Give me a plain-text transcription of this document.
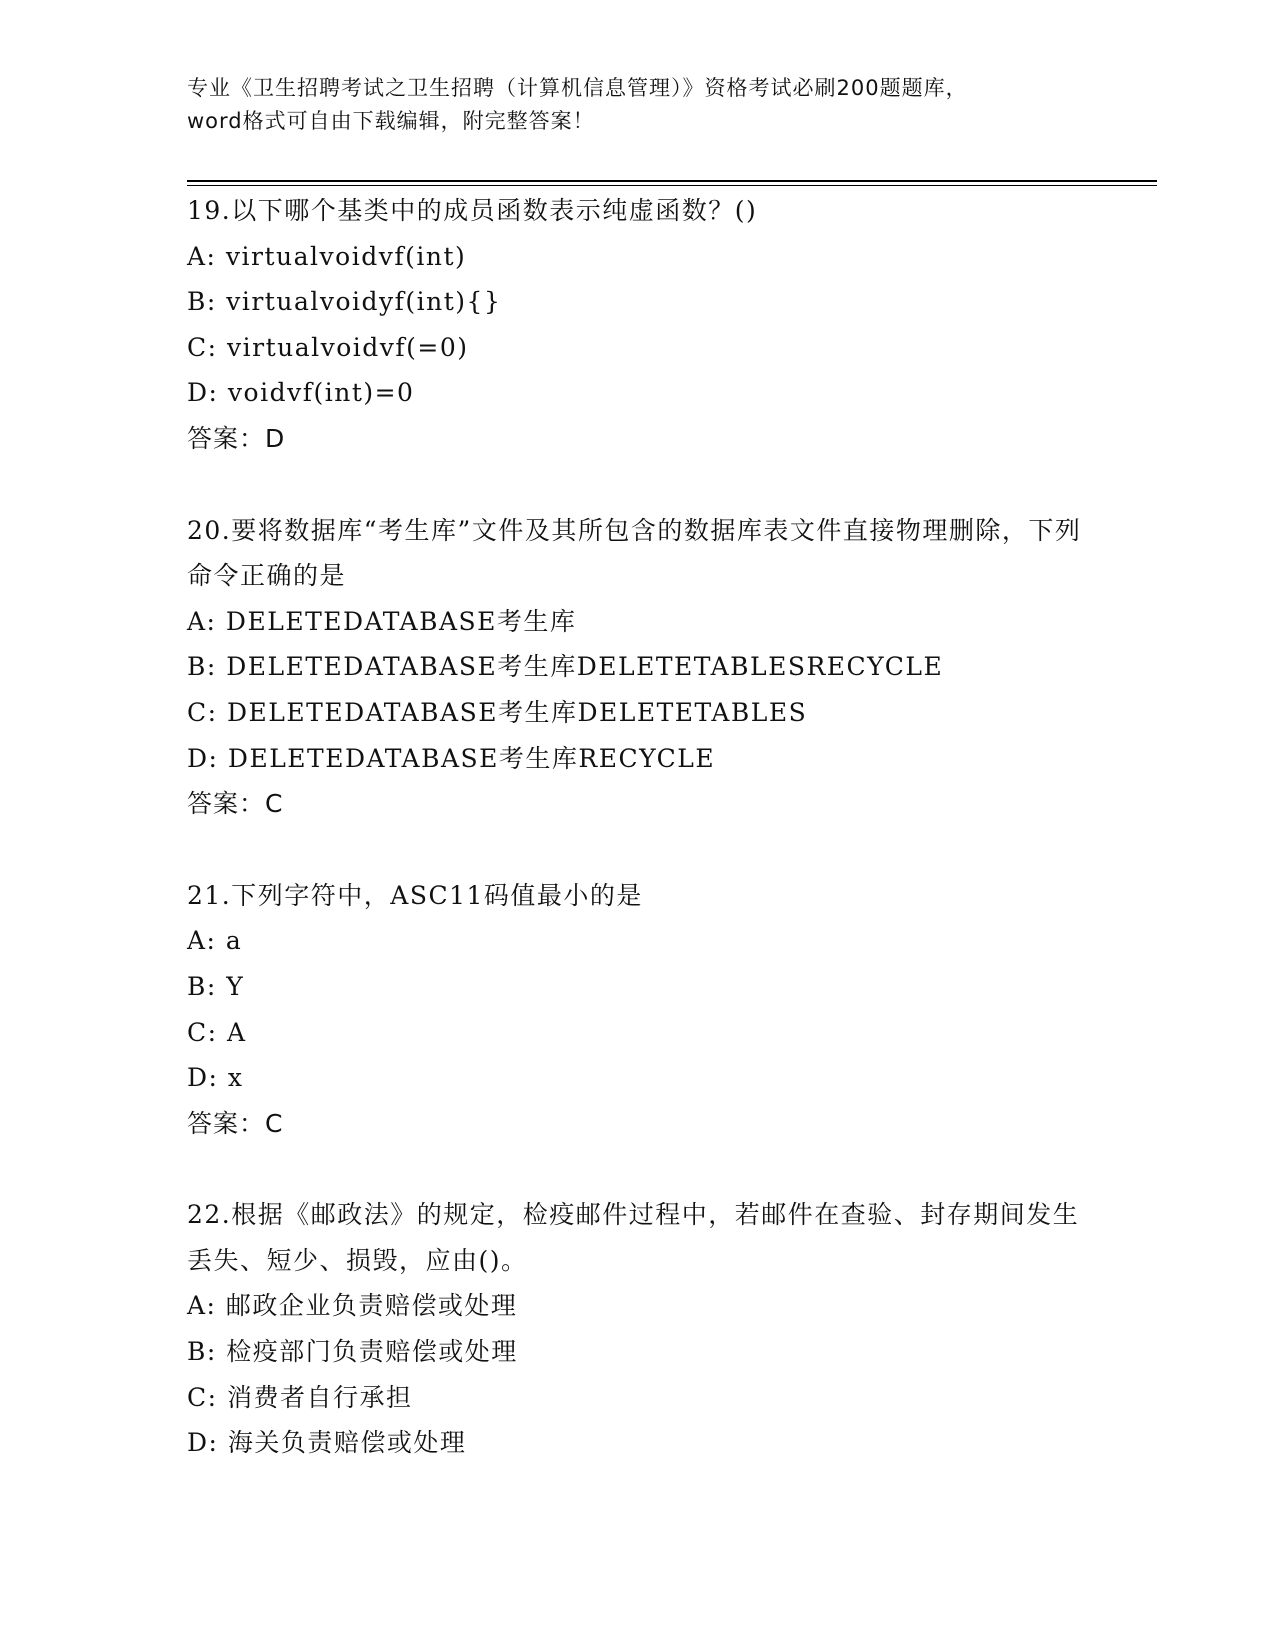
专业《卫生招聘考试之卫生招聘（计算机信息管理）》资格考试必刷200题题库，
word格式可自由下载编辑，附完整答案！
19.以下哪个基类中的成员函数表示纯虚函数？()
A: virtualvoidvf(int)
B: virtualvoidyf(int){}
C: virtualvoidvf(=0)
D: voidvf(int)=0
答案：D
20.要将数据库“考生库”文件及其所包含的数据库表文件直接物理删除，下列命令正确的是
A: DELETEDATABASE考生库
B: DELETEDATABASE考生库DELETETABLESRECYCLE
C: DELETEDATABASE考生库DELETETABLES
D: DELETEDATABASE考生库RECYCLE
答案：C
21.下列字符中，ASC11码值最小的是
A: a
B: Y
C: A
D: x
答案：C
22.根据《邮政法》的规定，检疫邮件过程中，若邮件在查验、封存期间发生丢失、短少、损毁，应由()。
A: 邮政企业负责赔偿或处理
B: 检疫部门负责赔偿或处理
C: 消费者自行承担
D: 海关负责赔偿或处理
